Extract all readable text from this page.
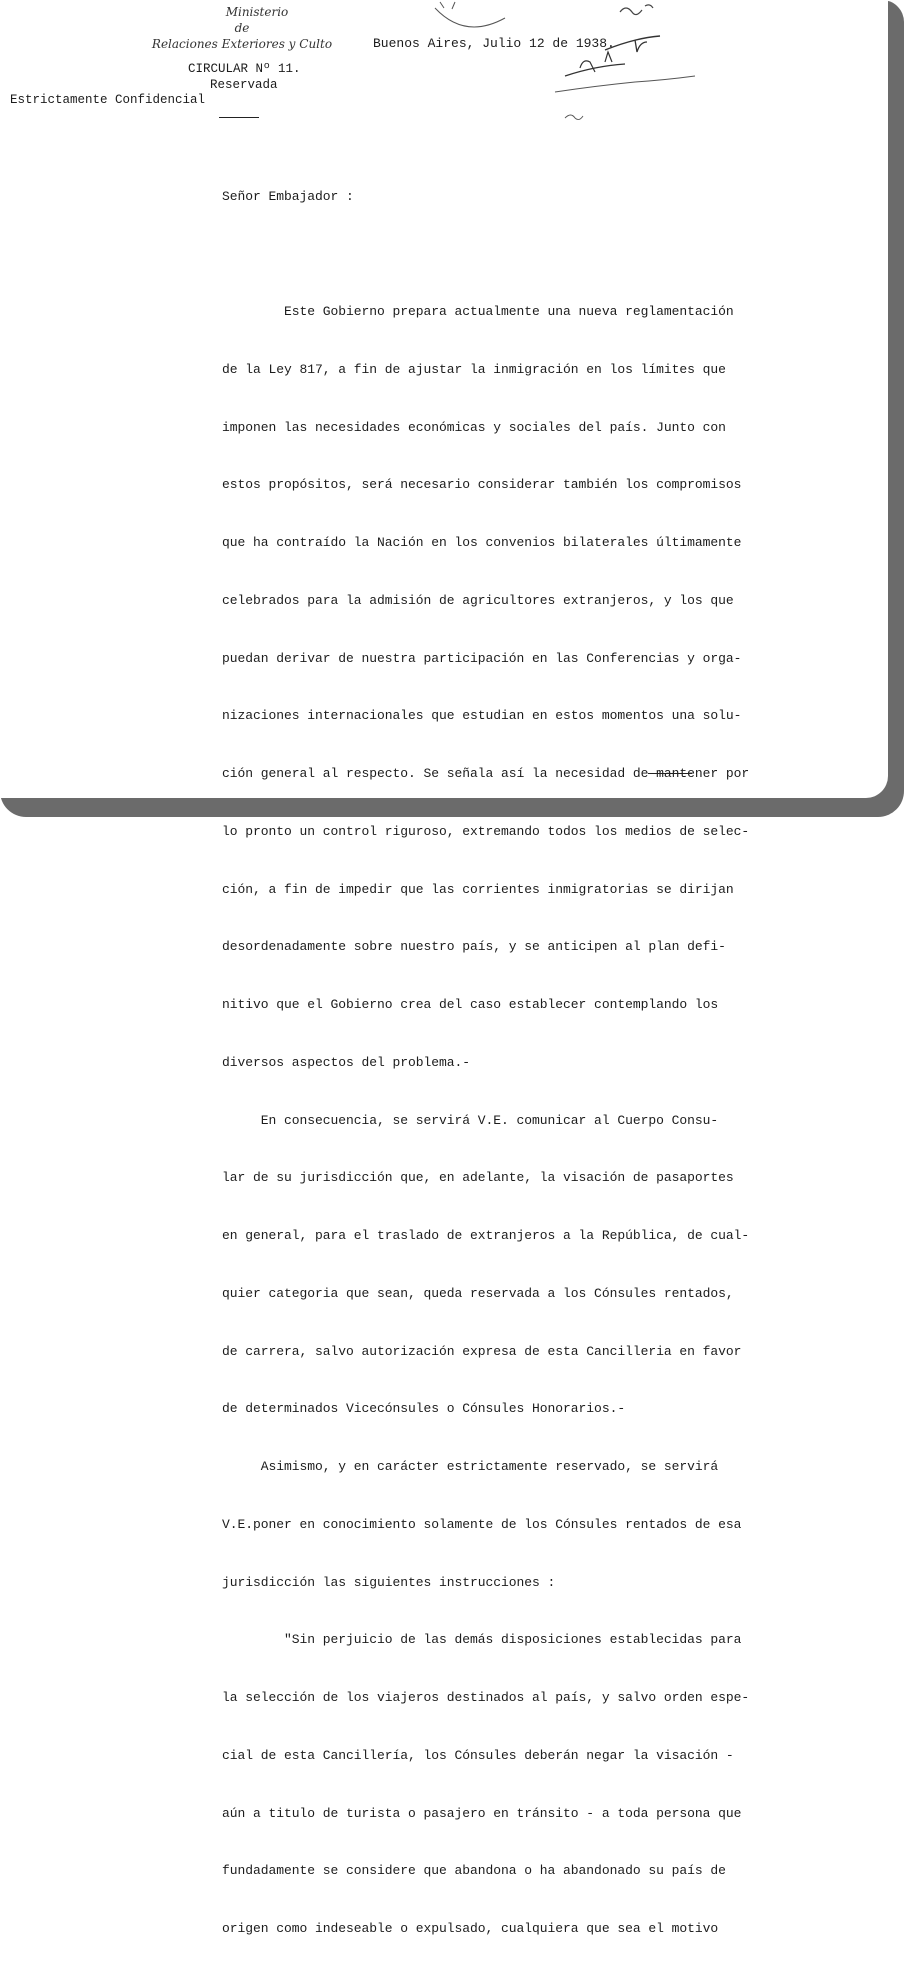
Ministerio
de
Relaciones Exteriores y Culto
CIRCULAR Nº 11.
Reservada
Estrictamente Confidencial
Buenos Aires, Julio 12 de 1938.

Señor Embajador :

Este Gobierno prepara actualmente una nueva reglamentación

de la Ley 817, a fin de ajustar la inmigración en los límites que

imponen las necesidades económicas y sociales del país. Junto con

estos propósitos, será necesario considerar también los compromisos

que ha contraído la Nación en los convenios bilaterales últimamente

celebrados para la admisión de agricultores extranjeros, y los que

puedan derivar de nuestra participación en las Conferencias y orga-

nizaciones internacionales que estudian en estos momentos una solu-

ción general al respecto. Se señala así la necesidad de mantener por

lo pronto un control riguroso, extremando todos los medios de selec-

ción, a fin de impedir que las corrientes inmigratorias se dirijan

desordenadamente sobre nuestro país, y se anticipen al plan defi-

nitivo que el Gobierno crea del caso establecer contemplando los

diversos aspectos del problema.-

En consecuencia, se servirá V.E. comunicar al Cuerpo Consu-

lar de su jurisdicción que, en adelante, la visación de pasaportes

en general, para el traslado de extranjeros a la República, de cual-

quier categoria que sean, queda reservada a los Cónsules rentados,

de carrera, salvo autorización expresa de esta Cancilleria en favor

de determinados Vicecónsules o Cónsules Honorarios.-

Asimismo, y en carácter estrictamente reservado, se servirá

V.E.poner en conocimiento solamente de los Cónsules rentados de esa

jurisdicción las siguientes instrucciones :

"Sin perjuicio de las demás disposiciones establecidas para

la selección de los viajeros destinados al país, y salvo orden espe-

cial de esta Cancillería, los Cónsules deberán negar la visación -

aún a titulo de turista o pasajero en tránsito - a toda persona que

fundadamente se considere que abandona o ha abandonado su país de

origen como indeseable o expulsado, cualquiera que sea el motivo
